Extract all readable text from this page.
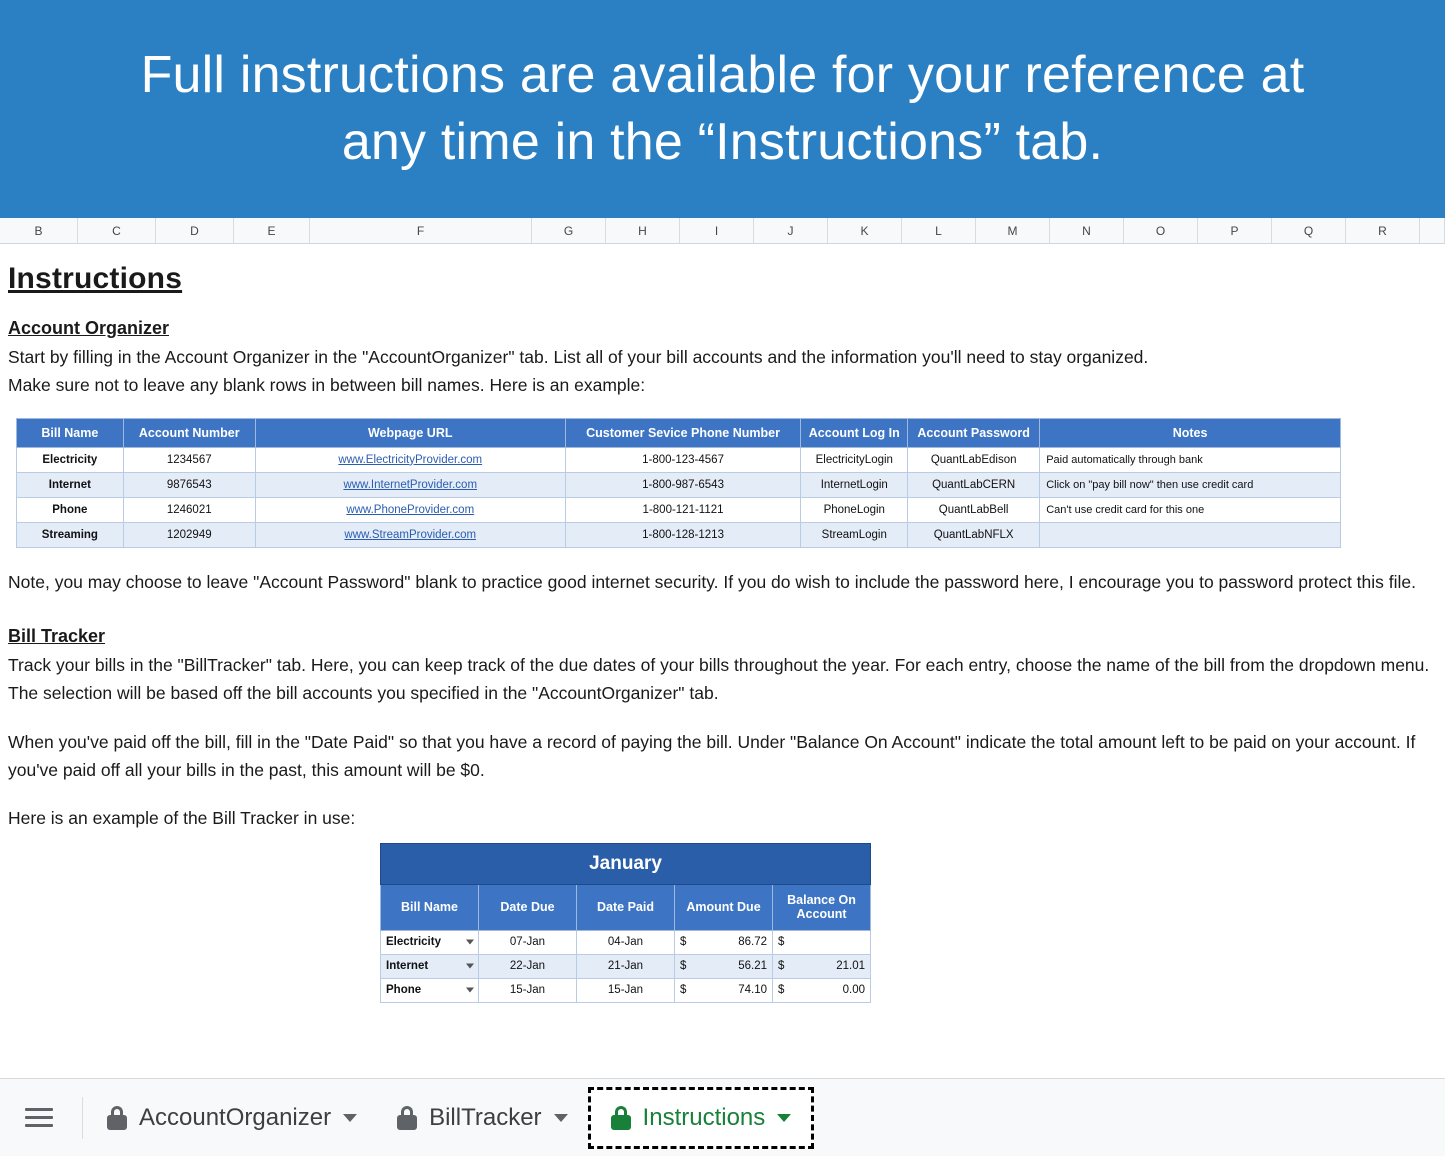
Full instructions are available for your reference at
any time in the “Instructions” tab.
B	C	D	E	F	G	H	I	J	K	L	M	N	O	P	Q	R
Instructions
Account Organizer

Start by filling in the Account Organizer in the "AccountOrganizer" tab. List all of your bill accounts and the information you'll need to stay organized.

Make sure not to leave any blank rows in between bill names. Here is an example:

Bill Name	Account Number	Webpage URL	Customer Sevice Phone Number	Account Log In	Account Password	Notes
Electricity	1234567	www.ElectricityProvider.com	1-800-123-4567	ElectricityLogin	QuantLabEdison	Paid automatically through bank
Internet	9876543	www.InternetProvider.com	1-800-987-6543	InternetLogin	QuantLabCERN	Click on "pay bill now" then use credit card
Phone	1246021	www.PhoneProvider.com	1-800-121-1121	PhoneLogin	QuantLabBell	Can't use credit card for this one
Streaming	1202949	www.StreamProvider.com	1-800-128-1213	StreamLogin	QuantLabNFLX	

Note, you may choose to leave "Account Password" blank to practice good internet security. If you do wish to include the password here, I encourage you to password protect this file.

Bill Tracker

Track your bills in the "BillTracker" tab. Here, you can keep track of the due dates of your bills throughout the year. For each entry, choose the name of the bill from the dropdown menu. The selection will be based off the bill accounts you specified in the "AccountOrganizer" tab.

When you've paid off the bill, fill in the "Date Paid" so that you have a record of paying the bill. Under "Balance On Account" indicate the total amount left to be paid on your account. If you've paid off all your bills in the past, this amount will be $0.

Here is an example of the Bill Tracker in use:

January				
Bill Name	Date Due	Date Paid	Amount Due	Balance On Account
Electricity	07-Jan	04-Jan	$ 86.72	$

Internet	22-Jan	21-Jan	$ 56.21	$ 21.01

Phone	15-Jan	15-Jan	$ 74.10	$ 0.00
AccountOrganizer	BillTracker	Instructions
